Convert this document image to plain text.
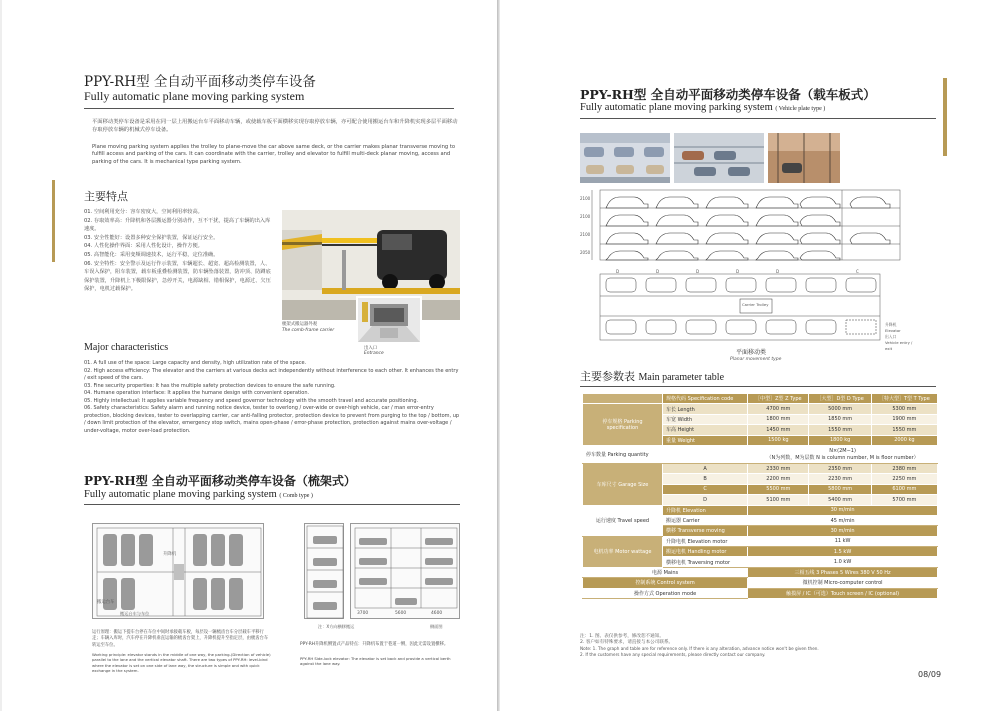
PPY-RH型 全自动平面移动类停车设备
Fully automatic plane moving parking system
平面移动类停车设备是采用在同一层上用搬运台车平面移动车辆，或使载车板平面横移实现存取停放车辆，亦可配合使用搬运台车和升降机实现多层平面移动存取停放车辆的机械式停车设备。
Plane moving parking system applies the trolley to plane-move the car above same deck, or the carrier makes planar transverse moving to fulfill access and parking of the cars. It can coordinate with the carrier, trolley and elevator to fulfill multi-deck planar moving, access and parking of the cars. It is mechanical type parking system.
主要特点
01. 空间利用充分：容车密度大，空间利用率较高。
02. 存取效率高：升降机和各层搬运器分别动作，互不干扰，提高了车辆的出入库速度。
03. 安全性能好：设置多种安全保护装置，保证运行安全。
04. 人性化操作界面：采用人性化设计，操作方便。
05. 高智能化：采用变频调速技术，运行平稳，定位准确。
06. 安全特性：安全警示及运行作示装置，车辆超长、超宽、超高检测装置，人、车误入保护，阻车装置，载车板重叠检测装置，防车辆坠落装置，防冲顶、防蹲底保护装置，升降机上下极限保护，急停开关，电源缺相、错相保护，电源过、欠压保护，电机过载保护。
梳架式搬运器外观
The comb-frame carrier
出入口
Entrance
Major characteristics
01. A full use of the space: Large capacity and density, high utilization rate of the space.
02. High access efficiency: The elevator and the carriers at various decks act independently without interference to each other. It enhances the entry / exit speed of the cars.
03. Fine security properties: It has the multiple safety protection devices to ensure the safe running.
04. Humane operation interface: It applies the humane design with convenient operation.
05. Highly intellectual: It applies variable frequency and speed governor technology with the smooth travel and accurate positioning.
06. Safety characteristics: Safety alarm and running notice device, tester to overlong / over-wide or over-high vehicle, car / man error-entry protection, blocking devices, tester to overlapping carrier, car anti-falling protector, protection device to prevent from purging to the top / bottom, up / down limit protection of the elevator, emergency stop switch, mains open-phase / error-phase protection, protection against mains over-voltage / under-voltage, motor over-load protection.
PPY-RH型 全自动平面移动类停车设备（梳架式）
Fully automatic plane moving parking system ( Comb type )
搬运台车
升降机
搬运台车与车位	3700	5600	4600
注：X方向横移搬运	侧面图
运行原理：搬运下提车台停在车位中间时承接载车板，每层设一辆梳齿台车分层载车平移行走；车辆入库时，汽车停在升降机垂直运输的梳齿台架上，升降机提升至指定层，由梳齿台车转运至车位。
Working principle: elevator stands in the middle of one way, the parking-(Direction of vehicle) parallel to the lane and the vertical elevator shaft. There are two types of PPY-RH: level-bind where the elevator is set on one side of lane way, the structure is simple and with quick exchange in the system.
PPY-RH升降机侧置式产品特点：升降机布置于巷道一侧，因此无需设置横移。
PPY-RH Side-lock elevator: The elevator is set back and provide a vertical berth against the lane way.
PPY-RH型 全自动平面移动类停车设备（载车板式）
Fully automatic plane moving parking system ( Vehicle plate type )
2100
2100
2100
2050
D	D	D	D	D	C
Carrier Trolley
升降机
Elevator
出入口
Vehicle entry / exit
平面移动类
Planar movement type
主要参数表 Main parameter table
	规格代码 Specification code	［中型］Z型 Z Type	［大型］D型 D Type	［特大型］T型 T Type
停车规格 Parking specification	车长 Length	4700 mm	5000 mm	5300 mm
	车宽 Width	1800 mm	1850 mm	1900 mm
	车高 Height	1450 mm	1550 mm	1550 mm
	重量 Weight	1500 kg	1800 kg	2000 kg
停车数量 Parking quantity		N×(2M−1)
（N为列数，M为层数 N is column number, M is floor number）		

车库尺寸 Garage Size	A	2330 mm	2350 mm	2380 mm
	B	2200 mm	2230 mm	2250 mm
	C	5500 mm	5800 mm	6100 mm
	D	5100 mm	5400 mm	5700 mm
运行速度 Travel speed	升降机 Elevation	30 m/min		
	搬运器 Carrier	45 m/min		
	横移 Transverse moving	30 m/min		
电机功率 Motor wattage	升降电机 Elevation motor	11 kW		
	搬运电机 Handling motor	1.5 kW		
	横移电机 Traversing motor	1.0 kW		
电源 Mains		三相五线 3 Phases 5 Wires 380 V 50 Hz		
控制系统 Control system		微机控制 Micro-computer control		
操作方式 Operation mode		触摸屏 / IC（可选）Touch screen / IC (optional)		
注：1. 图、表仅供参考，修改恕不通知。
2. 客户如有特殊要求，请直接与本公司联系。
Note: 1. The graph and table are for reference only. If there is any alteration, advance notice won't be given then.
2. If the customers have any special requirements, please directly contact our company.
08/09
